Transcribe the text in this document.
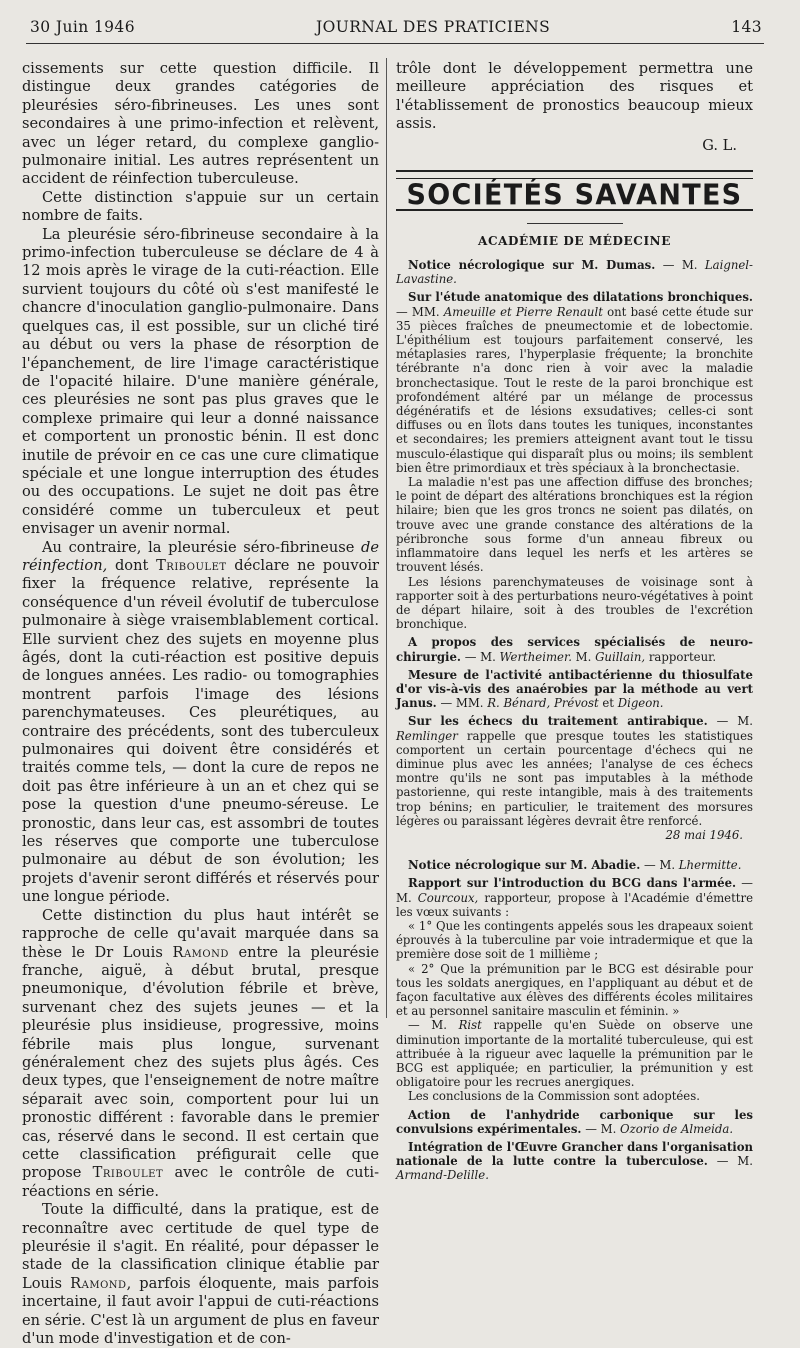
30 Juin 1946	JOURNAL DES PRATICIENS	143

cissements sur cette question difficile. Il distingue deux grandes catégories de pleurésies séro-fibrineuses. Les unes sont secondaires à une primo-infection et relèvent, avec un léger retard, du complexe ganglio-pulmonaire initial. Les autres représentent un accident de réinfection tuberculeuse.

Cette distinction s'appuie sur un certain nombre de faits.

La pleurésie séro-fibrineuse secondaire à la primo-infection tuberculeuse se déclare de 4 à 12 mois après le virage de la cuti-réaction. Elle survient toujours du côté où s'est manifesté le chancre d'inoculation ganglio-pulmonaire. Dans quelques cas, il est possible, sur un cliché tiré au début ou vers la phase de résorption de l'épanchement, de lire l'image caractéristique de l'opacité hilaire. D'une manière générale, ces pleurésies ne sont pas plus graves que le complexe primaire qui leur a donné naissance et comportent un pronostic bénin. Il est donc inutile de prévoir en ce cas une cure climatique spéciale et une longue interruption des études ou des occupations. Le sujet ne doit pas être considéré comme un tuberculeux et peut envisager un avenir normal.

Au contraire, la pleurésie séro-fibrineuse de réinfection, dont Triboulet déclare ne pouvoir fixer la fréquence relative, représente la conséquence d'un réveil évolutif de tuberculose pulmonaire à siège vraisemblablement cortical. Elle survient chez des sujets en moyenne plus âgés, dont la cuti-réaction est positive depuis de longues années. Les radio- ou tomographies montrent parfois l'image des lésions parenchymateuses. Ces pleurétiques, au contraire des précédents, sont des tuberculeux pulmonaires qui doivent être considérés et traités comme tels, — dont la cure de repos ne doit pas être inférieure à un an et chez qui se pose la question d'une pneumo-séreuse. Le pronostic, dans leur cas, est assombri de toutes les réserves que comporte une tuberculose pulmonaire au début de son évolution; les projets d'avenir seront différés et réservés pour une longue période.

Cette distinction du plus haut intérêt se rapproche de celle qu'avait marquée dans sa thèse le Dr Louis Ramond entre la pleurésie franche, aiguë, à début brutal, presque pneumonique, d'évolution fébrile et brève, survenant chez des sujets jeunes — et la pleurésie plus insidieuse, progressive, moins fébrile mais plus longue, survenant généralement chez des sujets plus âgés. Ces deux types, que l'enseignement de notre maître séparait avec soin, comportent pour lui un pronostic différent : favorable dans le premier cas, réservé dans le second. Il est certain que cette classification préfigurait celle que propose Triboulet avec le contrôle de cuti-réactions en série.

Toute la difficulté, dans la pratique, est de reconnaître avec certitude de quel type de pleurésie il s'agit. En réalité, pour dépasser le stade de la classification clinique établie par Louis Ramond, parfois éloquente, mais parfois incertaine, il faut avoir l'appui de cuti-réactions en série. C'est là un argument de plus en faveur d'un mode d'investigation et de con-

trôle dont le développement permettra une meilleure appréciation des risques et l'établissement de pronostics beaucoup mieux assis.

G. L.

SOCIÉTÉS SAVANTES

ACADÉMIE DE MÉDECINE

Notice nécrologique sur M. Dumas. — M. Laignel-Lavastine.

Sur l'étude anatomique des dilatations bronchiques. — MM. Ameuille et Pierre Renault ont basé cette étude sur 35 pièces fraîches de pneumectomie et de lobectomie. L'épithélium est toujours parfaitement conservé, les métaplasies rares, l'hyperplasie fréquente; la bronchite térébrante n'a donc rien à voir avec la maladie bronchectasique. Tout le reste de la paroi bronchique est profondément altéré par un mélange de processus dégénératifs et de lésions exsudatives; celles-ci sont diffuses ou en îlots dans toutes les tuniques, inconstantes et secondaires; les premiers atteignent avant tout le tissu musculo-élastique qui disparaît plus ou moins; ils semblent bien être primordiaux et très spéciaux à la bronchectasie.

La maladie n'est pas une affection diffuse des bronches; le point de départ des altérations bronchiques est la région hilaire; bien que les gros troncs ne soient pas dilatés, on trouve avec une grande constance des altérations de la péribronche sous forme d'un anneau fibreux ou inflammatoire dans lequel les nerfs et les artères se trouvent lésés.

Les lésions parenchymateuses de voisinage sont à rapporter soit à des perturbations neuro-végétatives à point de départ hilaire, soit à des troubles de l'excrétion bronchique.

A propos des services spécialisés de neuro-chirurgie. — M. Wertheimer. M. Guillain, rapporteur.

Mesure de l'activité antibactérienne du thiosulfate d'or vis-à-vis des anaérobies par la méthode au vert Janus. — MM. R. Bénard, Prévost et Digeon.

Sur les échecs du traitement antirabique. — M. Remlinger rappelle que presque toutes les statistiques comportent un certain pourcentage d'échecs qui ne diminue plus avec les années; l'analyse de ces échecs montre qu'ils ne sont pas imputables à la méthode pastorienne, qui reste intangible, mais à des traitements trop bénins; en particulier, le traitement des morsures légères ou paraissant légères devrait être renforcé.

28 mai 1946.

Notice nécrologique sur M. Abadie. — M. Lhermitte.

Rapport sur l'introduction du BCG dans l'armée. — M. Courcoux, rapporteur, propose à l'Académie d'émettre les vœux suivants :

« 1° Que les contingents appelés sous les drapeaux soient éprouvés à la tuberculine par voie intradermique et que la première dose soit de 1 millième ;

« 2° Que la prémunition par le BCG est désirable pour tous les soldats anergiques, en l'appliquant au début et de façon facultative aux élèves des différents écoles militaires et au personnel sanitaire masculin et féminin. »

— M. Rist rappelle qu'en Suède on observe une diminution importante de la mortalité tuberculeuse, qui est attribuée à la rigueur avec laquelle la prémunition par le BCG est appliquée; en particulier, la prémunition y est obligatoire pour les recrues anergiques.

Les conclusions de la Commission sont adoptées.

Action de l'anhydride carbonique sur les convulsions expérimentales. — M. Ozorio de Almeida.

Intégration de l'Œuvre Grancher dans l'organisation nationale de la lutte contre la tuberculose. — M. Armand-Delille.
